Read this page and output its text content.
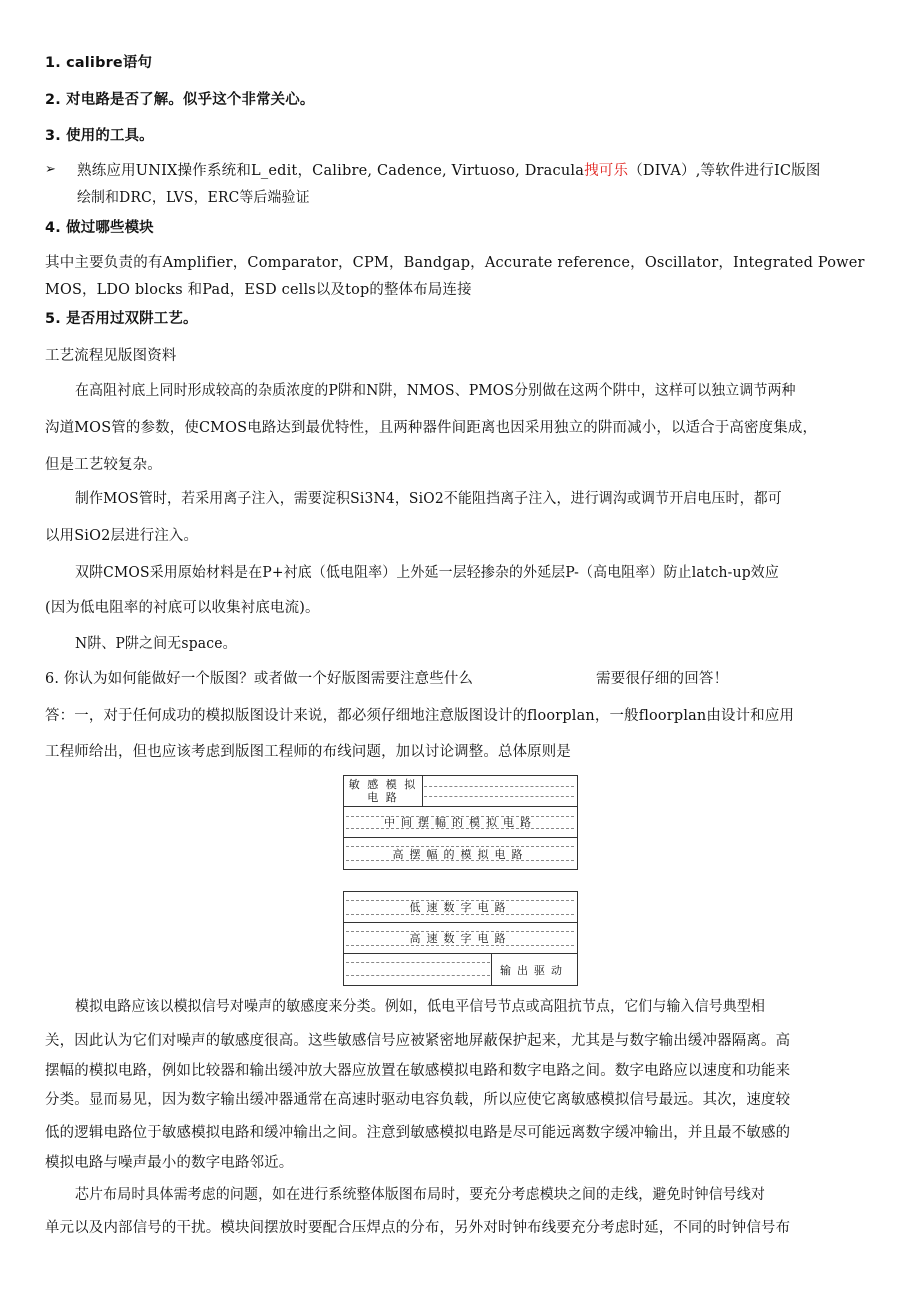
1. calibre语句
2. 对电路是否了解。似乎这个非常关心。
3. 使用的工具。
➢ 熟练应用UNIX操作系统和L_edit，Calibre, Cadence, Virtuoso, Dracula拽可乐（DIVA）,等软件进行IC版图
绘制和DRC，LVS，ERC等后端验证
4. 做过哪些模块
其中主要负责的有Amplifier，Comparator，CPM，Bandgap，Accurate reference，Oscillator，Integrated Power
MOS，LDO blocks 和Pad，ESD cells以及top的整体布局连接
5. 是否用过双阱工艺。
工艺流程见版图资料
在高阻衬底上同时形成较高的杂质浓度的P阱和N阱，NMOS、PMOS分别做在这两个阱中，这样可以独立调节两种
沟道MOS管的参数，使CMOS电路达到最优特性，且两种器件间距离也因采用独立的阱而减小，以适合于高密度集成，
但是工艺较复杂。
制作MOS管时，若采用离子注入，需要淀积Si3N4，SiO2不能阻挡离子注入，进行调沟或调节开启电压时，都可
以用SiO2层进行注入。
双阱CMOS采用原始材料是在P+衬底（低电阻率）上外延一层轻掺杂的外延层P-（高电阻率）防止latch-up效应
(因为低电阻率的衬底可以收集衬底电流)。
N阱、P阱之间无space。
6. 你认为如何能做好一个版图？或者做一个好版图需要注意些什么	需要很仔细的回答！
答：一，对于任何成功的模拟版图设计来说，都必须仔细地注意版图设计的floorplan，一般floorplan由设计和应用
工程师给出，但也应该考虑到版图工程师的布线问题，加以讨论调整。总体原则是
敏 感 模 拟
电 路
中间摆幅的模拟电路
高摆幅的模拟电路
低速数字电路
高速数字电路
输出驱动
模拟电路应该以模拟信号对噪声的敏感度来分类。例如，低电平信号节点或高阻抗节点，它们与输入信号典型相
关，因此认为它们对噪声的敏感度很高。这些敏感信号应被紧密地屏蔽保护起来，尤其是与数字输出缓冲器隔离。高
摆幅的模拟电路，例如比较器和输出缓冲放大器应放置在敏感模拟电路和数字电路之间。数字电路应以速度和功能来
分类。显而易见，因为数字输出缓冲器通常在高速时驱动电容负载，所以应使它离敏感模拟信号最远。其次，速度较
低的逻辑电路位于敏感模拟电路和缓冲输出之间。注意到敏感模拟电路是尽可能远离数字缓冲输出，并且最不敏感的
模拟电路与噪声最小的数字电路邻近。
芯片布局时具体需考虑的问题，如在进行系统整体版图布局时，要充分考虑模块之间的走线，避免时钟信号线对
单元以及内部信号的干扰。模块间摆放时要配合压焊点的分布，另外对时钟布线要充分考虑时延，不同的时钟信号布
